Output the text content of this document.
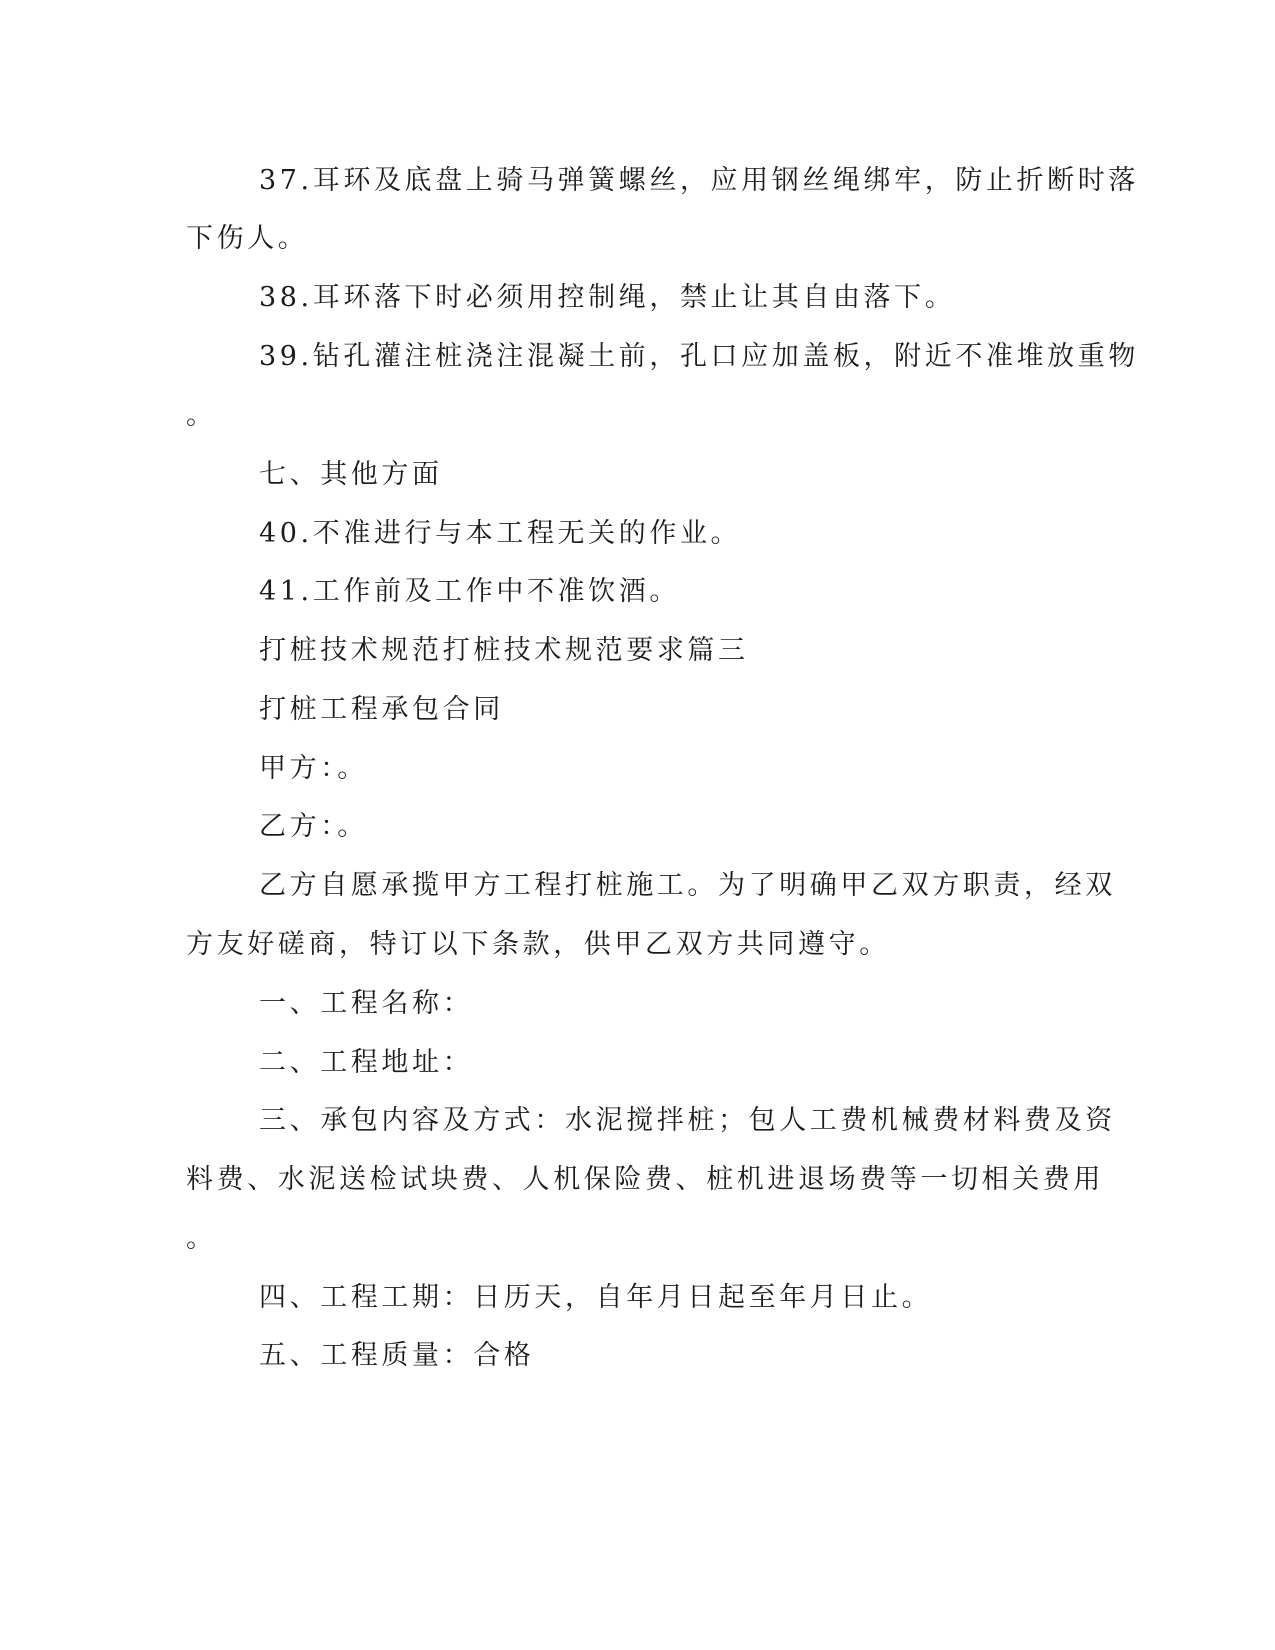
37.耳环及底盘上骑马弹簧螺丝，应用钢丝绳绑牢，防止折断时落

下伤人。

38.耳环落下时必须用控制绳，禁止让其自由落下。

39.钻孔灌注桩浇注混凝土前，孔口应加盖板，附近不准堆放重物

。

七、其他方面

40.不准进行与本工程无关的作业。

41.工作前及工作中不准饮酒。

打桩技术规范打桩技术规范要求篇三

打桩工程承包合同

甲方：。

乙方：。

乙方自愿承揽甲方工程打桩施工。为了明确甲乙双方职责，经双

方友好磋商，特订以下条款，供甲乙双方共同遵守。

一、工程名称：

二、工程地址：

三、承包内容及方式：水泥搅拌桩；包人工费机械费材料费及资

料费、水泥送检试块费、人机保险费、桩机进退场费等一切相关费用

。

四、工程工期：日历天，自年月日起至年月日止。

五、工程质量：合格
